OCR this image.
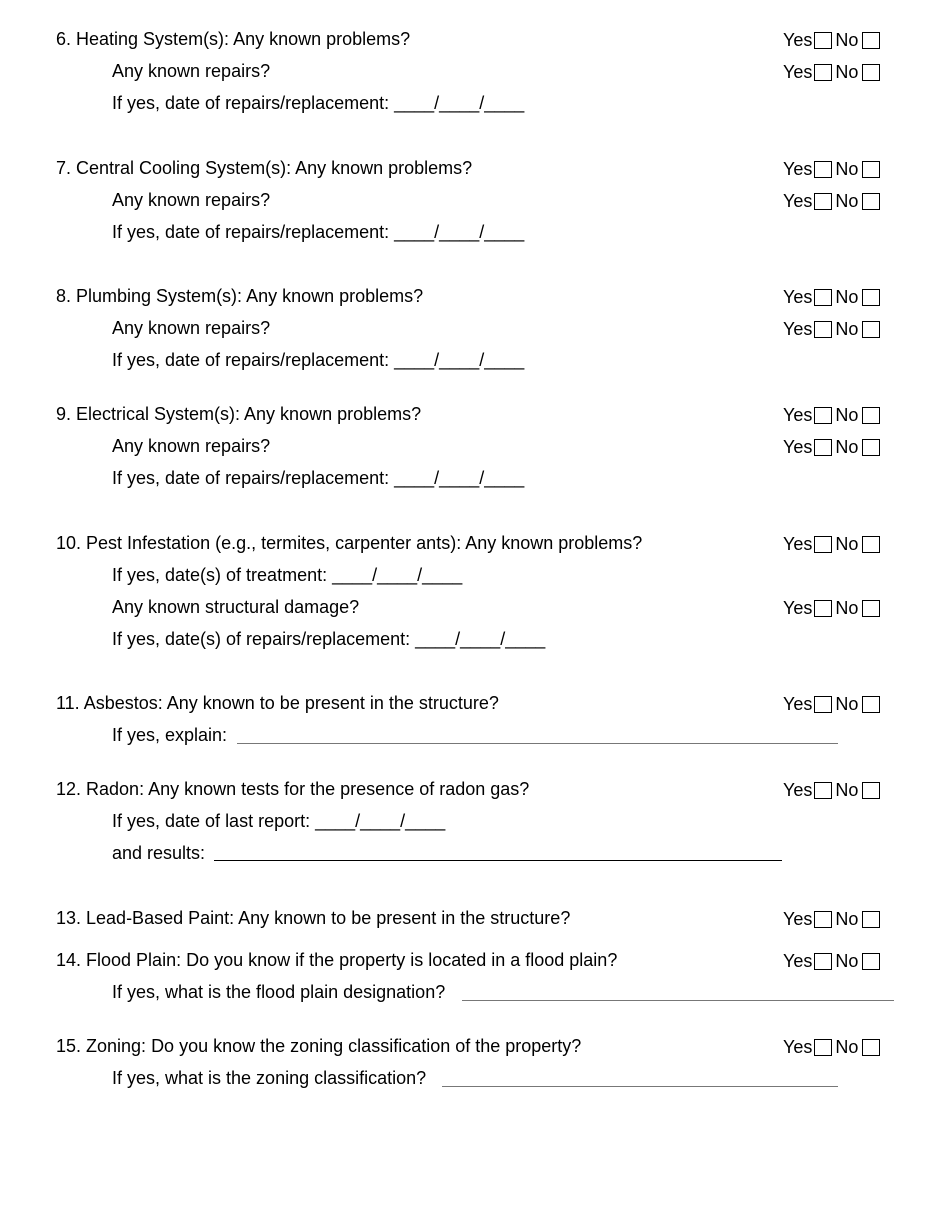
6. Heating System(s): Any known problems?	Yes No
Any known repairs?	Yes No
If yes, date of repairs/replacement: ____/____/____
7. Central Cooling System(s): Any known problems?	Yes No
Any known repairs?	Yes No
If yes, date of repairs/replacement: ____/____/____
8. Plumbing System(s): Any known problems?	Yes No
Any known repairs?	Yes No
If yes, date of repairs/replacement: ____/____/____
9. Electrical System(s): Any known problems?	Yes No
Any known repairs?	Yes No
If yes, date of repairs/replacement: ____/____/____
10. Pest Infestation (e.g., termites, carpenter ants): Any known problems?	Yes No
If yes, date(s) of treatment: ____/____/____
Any known structural damage?	Yes No
If yes, date(s) of repairs/replacement: ____/____/____
11. Asbestos: Any known to be present in the structure?	Yes No
If yes, explain:
12. Radon: Any known tests for the presence of radon gas?	Yes No
If yes, date of last report: ____/____/____
and results:
13. Lead-Based Paint: Any known to be present in the structure?	Yes No
14. Flood Plain: Do you know if the property is located in a flood plain?	Yes No
If yes, what is the flood plain designation?
15. Zoning: Do you know the zoning classification of the property?	Yes No
If yes, what is the zoning classification?
